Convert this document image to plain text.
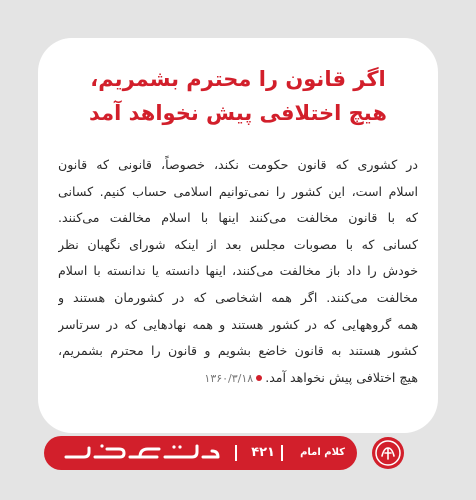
اگر قانون را محترم بشمریم،
هیچ اختلافی پیش نخواهد آمد
در کشوری که قانون حکومت نکند، خصوصاً، قانونی که قانون
اسلام است، این کشور را نمی‌توانیم اسلامی حساب کنیم. کسانی
که با قانون مخالفت می‌کنند اینها با اسلام مخالفت می‌کنند.
کسانی که با مصوبات مجلس بعد از اینکه شورای نگهبان نظر
خودش را داد باز مخالفت می‌کنند، اینها دانسته یا ندانسته با اسلام
مخالفت می‌کنند. اگر همه اشخاصی که در کشورمان هستند و
همه گروههایی که در کشور هستند و همه نهادهایی که در سرتاسر
کشور هستند به قانون خاضع بشویم و قانون را محترم بشمریم،
هیچ اختلافی پیش نخواهد آمد.۱۳۶۰/۳/۱۸
کلام امام
۴۲۱
